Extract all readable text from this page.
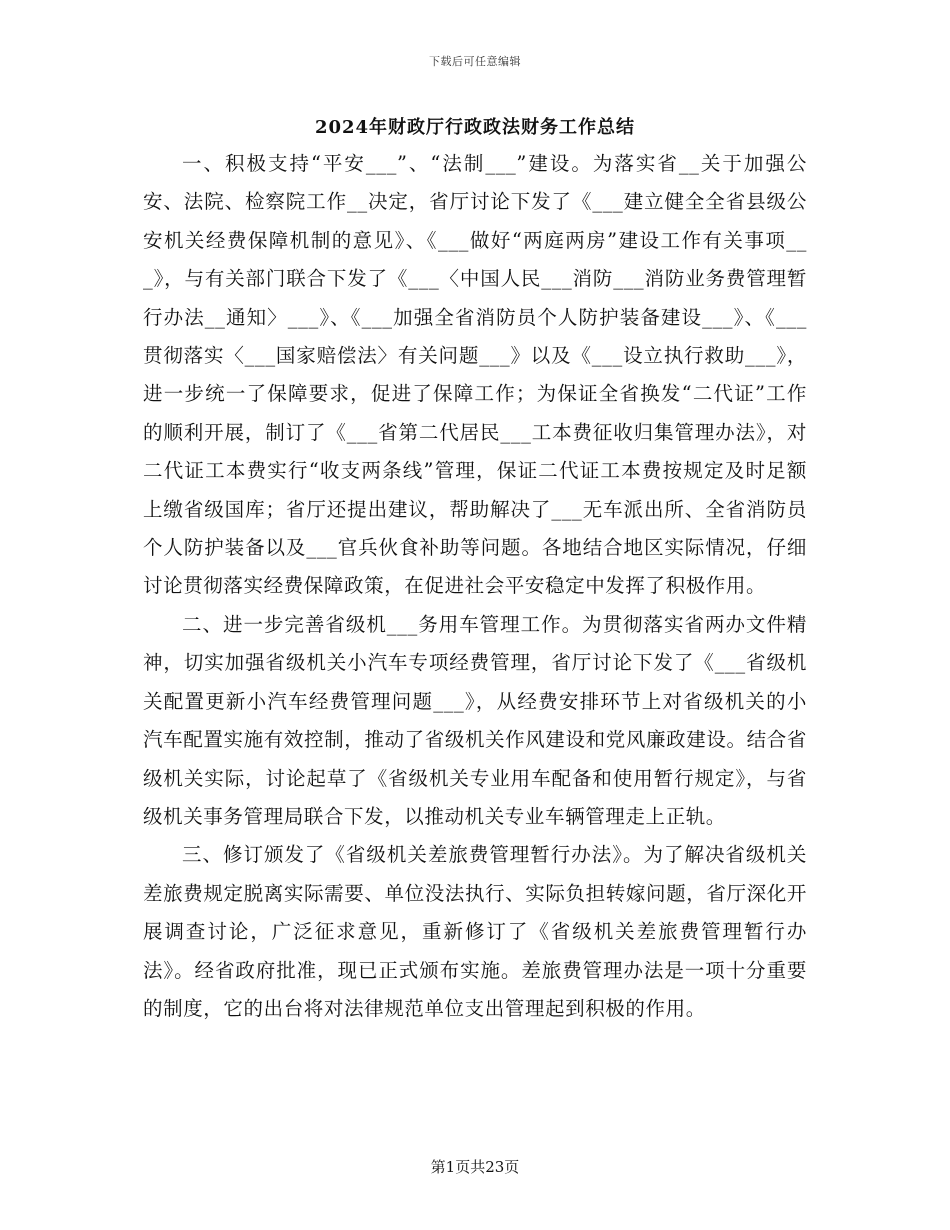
下载后可任意编辑
2024年财政厅行政政法财务工作总结

一、积极支持“平安___”、“法制___”建设。为落实省__关于加强公安、法院、检察院工作__决定，省厅讨论下发了《___建立健全全省县级公安机关经费保障机制的意见》、《___做好“两庭两房”建设工作有关事项___》，与有关部门联合下发了《___〈中国人民___消防___消防业务费管理暂行办法__通知〉___》、《___加强全省消防员个人防护装备建设___》、《___贯彻落实〈___国家赔偿法〉有关问题___》以及《___设立执行救助___》，进一步统一了保障要求，促进了保障工作；为保证全省换发“二代证”工作的顺利开展，制订了《___省第二代居民___工本费征收归集管理办法》，对二代证工本费实行“收支两条线”管理，保证二代证工本费按规定及时足额上缴省级国库；省厅还提出建议，帮助解决了___无车派出所、全省消防员个人防护装备以及___官兵伙食补助等问题。各地结合地区实际情况，仔细讨论贯彻落实经费保障政策，在促进社会平安稳定中发挥了积极作用。

二、进一步完善省级机___务用车管理工作。为贯彻落实省两办文件精神，切实加强省级机关小汽车专项经费管理，省厅讨论下发了《___省级机关配置更新小汽车经费管理问题___》，从经费安排环节上对省级机关的小汽车配置实施有效控制，推动了省级机关作风建设和党风廉政建设。结合省级机关实际，讨论起草了《省级机关专业用车配备和使用暂行规定》，与省级机关事务管理局联合下发，以推动机关专业车辆管理走上正轨。

三、修订颁发了《省级机关差旅费管理暂行办法》。为了解决省级机关差旅费规定脱离实际需要、单位没法执行、实际负担转嫁问题，省厅深化开展调查讨论，广泛征求意见，重新修订了《省级机关差旅费管理暂行办法》。经省政府批准，现已正式颁布实施。差旅费管理办法是一项十分重要的制度，它的出台将对法律规范单位支出管理起到积极的作用。

第1页共23页
